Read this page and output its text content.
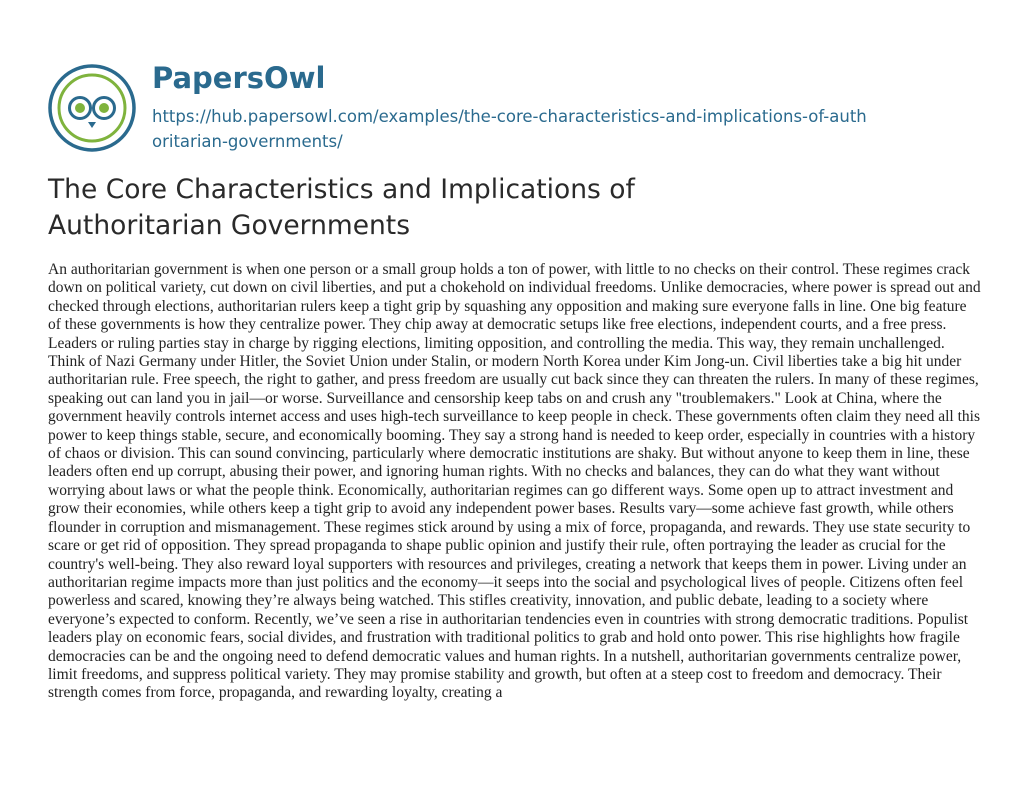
PapersOwl
https://hub.papersowl.com/examples/the-core-characteristics-and-implications-of-authoritarian-governments/
The Core Characteristics and Implications of Authoritarian Governments

An authoritarian government is when one person or a small group holds a ton of power, with little to no checks on their control. These regimes crack down on political variety, cut down on civil liberties, and put a chokehold on individual freedoms. Unlike democracies, where power is spread out and checked through elections, authoritarian rulers keep a tight grip by squashing any opposition and making sure everyone falls in line. One big feature of these governments is how they centralize power. They chip away at democratic setups like free elections, independent courts, and a free press. Leaders or ruling parties stay in charge by rigging elections, limiting opposition, and controlling the media. This way, they remain unchallenged. Think of Nazi Germany under Hitler, the Soviet Union under Stalin, or modern North Korea under Kim Jong-un. Civil liberties take a big hit under authoritarian rule. Free speech, the right to gather, and press freedom are usually cut back since they can threaten the rulers. In many of these regimes, speaking out can land you in jail—or worse. Surveillance and censorship keep tabs on and crush any "troublemakers." Look at China, where the government heavily controls internet access and uses high-tech surveillance to keep people in check. These governments often claim they need all this power to keep things stable, secure, and economically booming. They say a strong hand is needed to keep order, especially in countries with a history of chaos or division. This can sound convincing, particularly where democratic institutions are shaky. But without anyone to keep them in line, these leaders often end up corrupt, abusing their power, and ignoring human rights. With no checks and balances, they can do what they want without worrying about laws or what the people think. Economically, authoritarian regimes can go different ways. Some open up to attract investment and grow their economies, while others keep a tight grip to avoid any independent power bases. Results vary—some achieve fast growth, while others flounder in corruption and mismanagement. These regimes stick around by using a mix of force, propaganda, and rewards. They use state security to scare or get rid of opposition. They spread propaganda to shape public opinion and justify their rule, often portraying the leader as crucial for the country's well-being. They also reward loyal supporters with resources and privileges, creating a network that keeps them in power. Living under an authoritarian regime impacts more than just politics and the economy—it seeps into the social and psychological lives of people. Citizens often feel powerless and scared, knowing they’re always being watched. This stifles creativity, innovation, and public debate, leading to a society where everyone’s expected to conform. Recently, we’ve seen a rise in authoritarian tendencies even in countries with strong democratic traditions. Populist leaders play on economic fears, social divides, and frustration with traditional politics to grab and hold onto power. This rise highlights how fragile democracies can be and the ongoing need to defend democratic values and human rights. In a nutshell, authoritarian governments centralize power, limit freedoms, and suppress political variety. They may promise stability and growth, but often at a steep cost to freedom and democracy. Their strength comes from force, propaganda, and rewarding loyalty, creating a
